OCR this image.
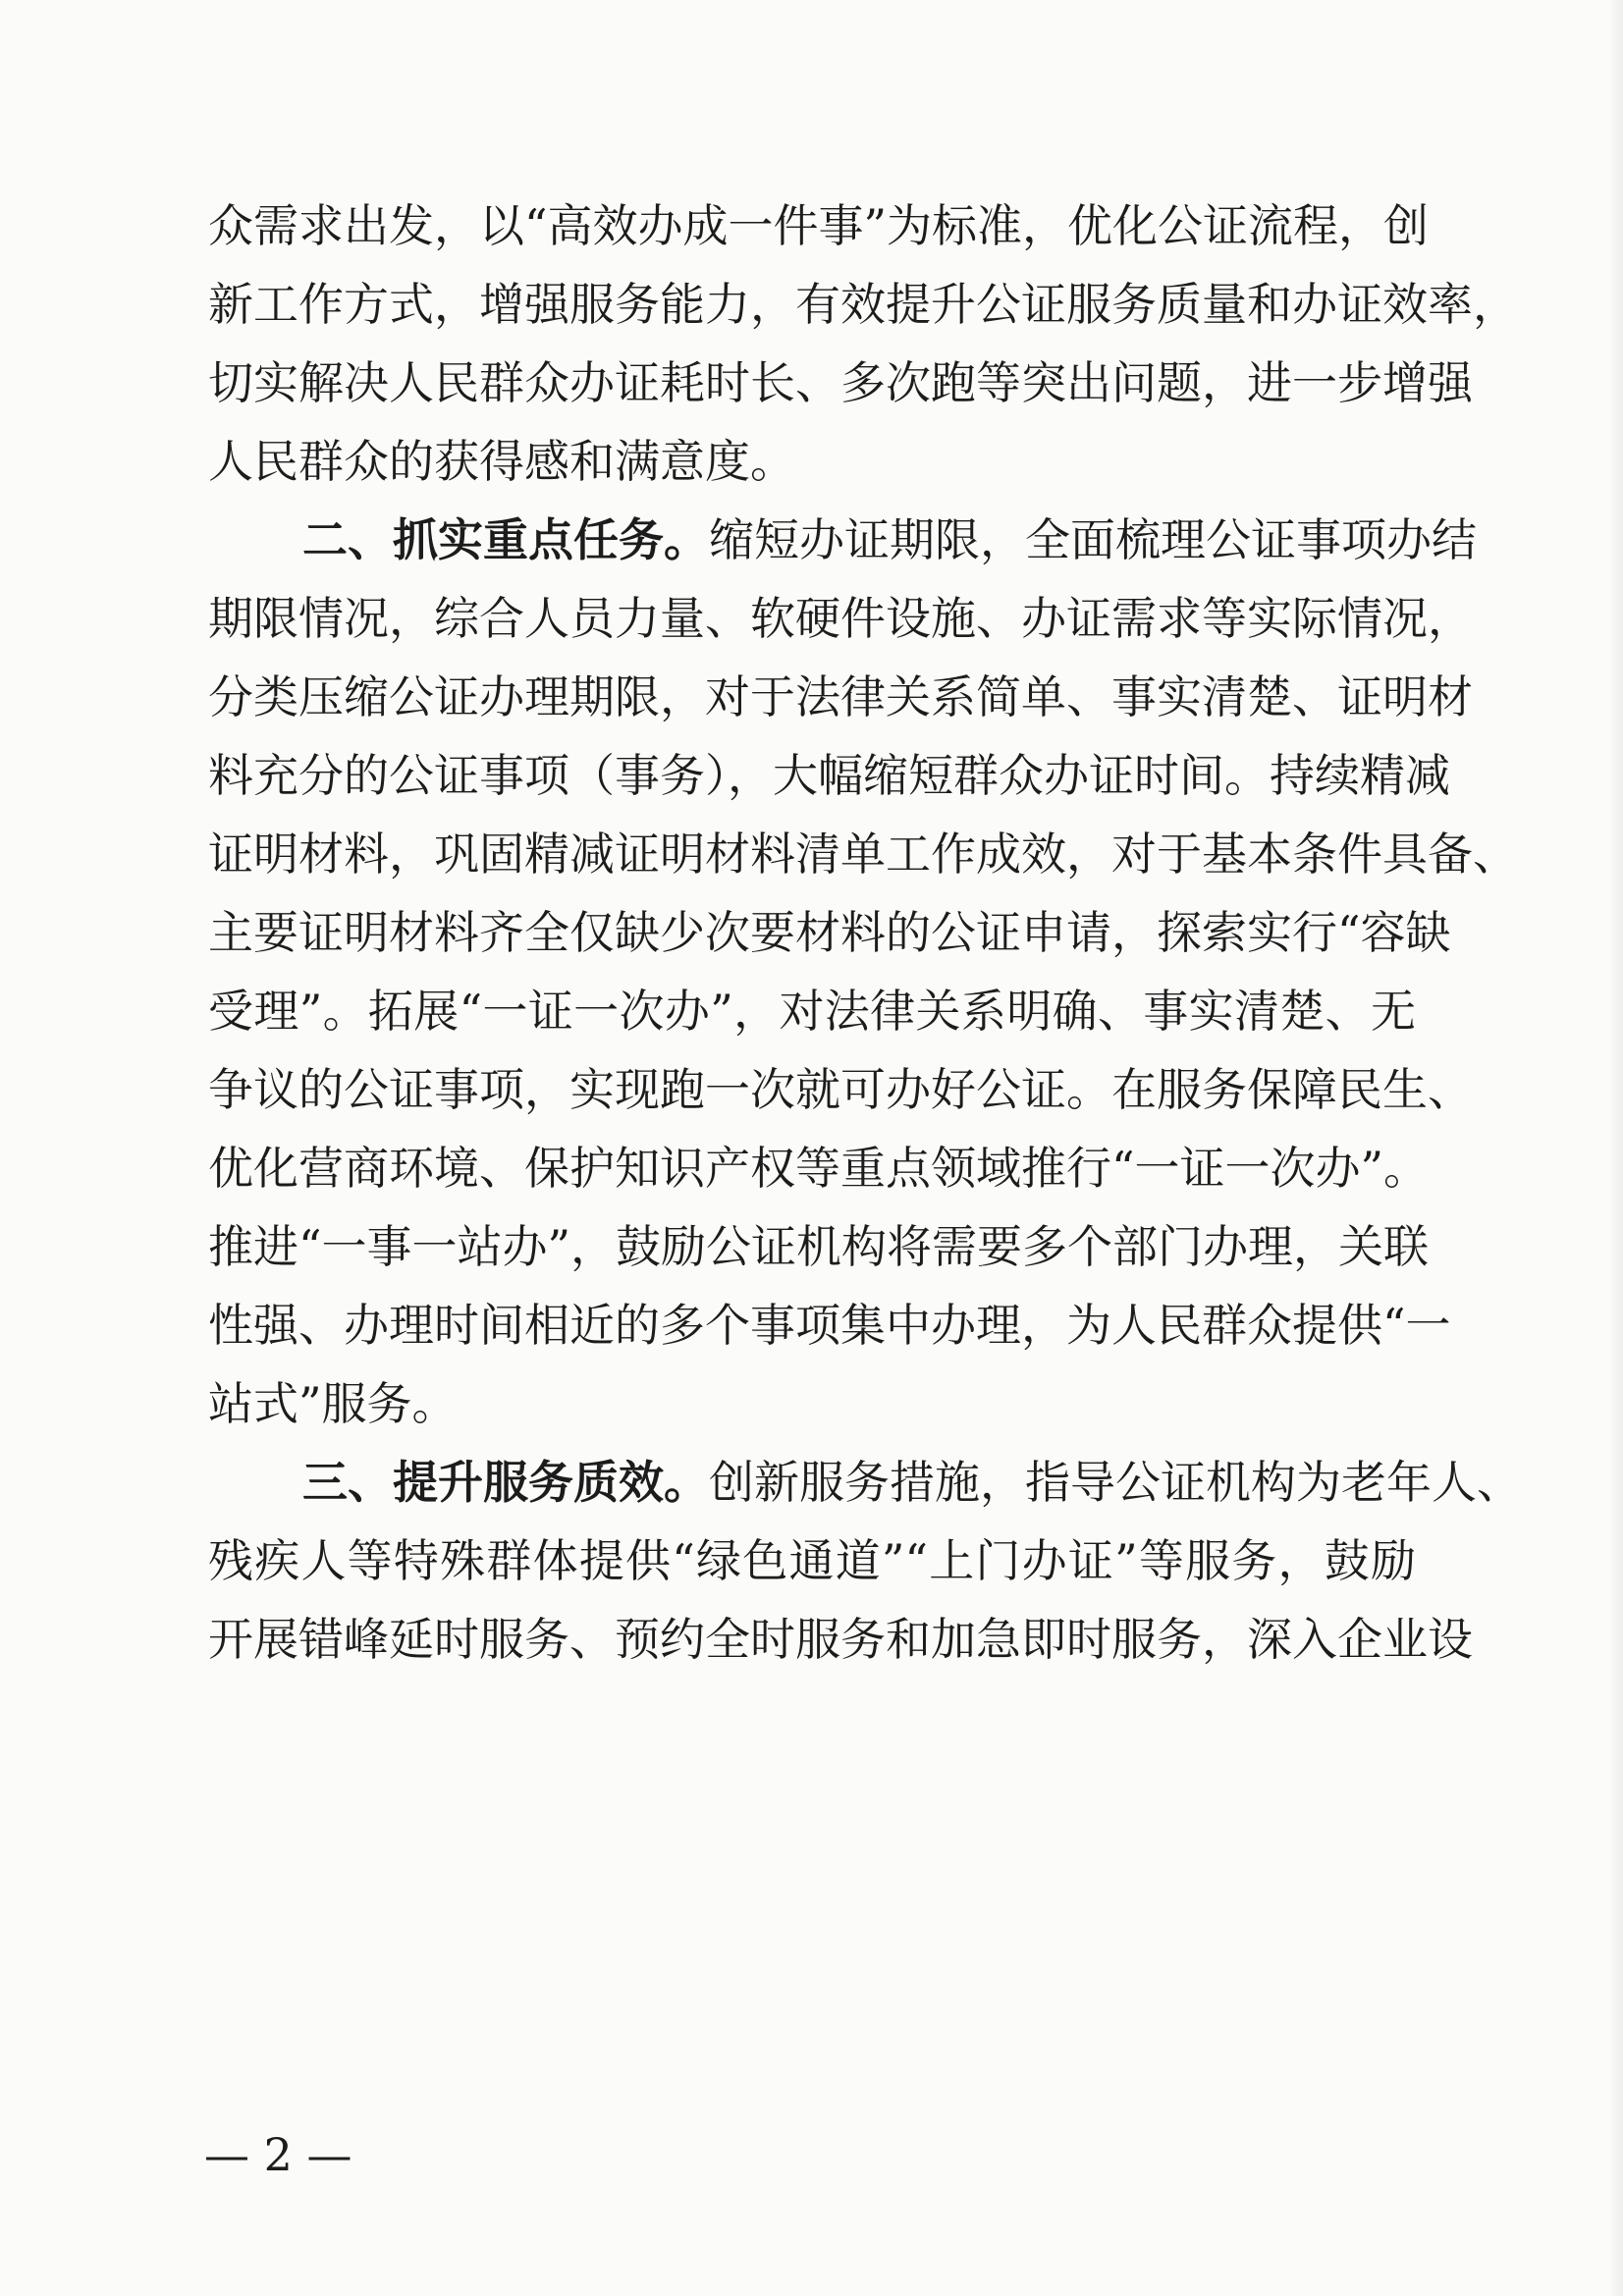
众需求出发，以“高效办成一件事”为标准，优化公证流程，创
新工作方式，增强服务能力，有效提升公证服务质量和办证效率，
切实解决人民群众办证耗时长、多次跑等突出问题，进一步增强
人民群众的获得感和满意度。
二、抓实重点任务。缩短办证期限，全面梳理公证事项办结
期限情况，综合人员力量、软硬件设施、办证需求等实际情况，
分类压缩公证办理期限，对于法律关系简单、事实清楚、证明材
料充分的公证事项（事务），大幅缩短群众办证时间。持续精减
证明材料，巩固精减证明材料清单工作成效，对于基本条件具备、
主要证明材料齐全仅缺少次要材料的公证申请，探索实行“容缺
受理”。拓展“一证一次办”，对法律关系明确、事实清楚、无
争议的公证事项，实现跑一次就可办好公证。在服务保障民生、
优化营商环境、保护知识产权等重点领域推行“一证一次办”。
推进“一事一站办”，鼓励公证机构将需要多个部门办理，关联
性强、办理时间相近的多个事项集中办理，为人民群众提供“一
站式”服务。
三、提升服务质效。创新服务措施，指导公证机构为老年人、
残疾人等特殊群体提供“绿色通道”“上门办证”等服务，鼓励
开展错峰延时服务、预约全时服务和加急即时服务，深入企业设
— 2 —
